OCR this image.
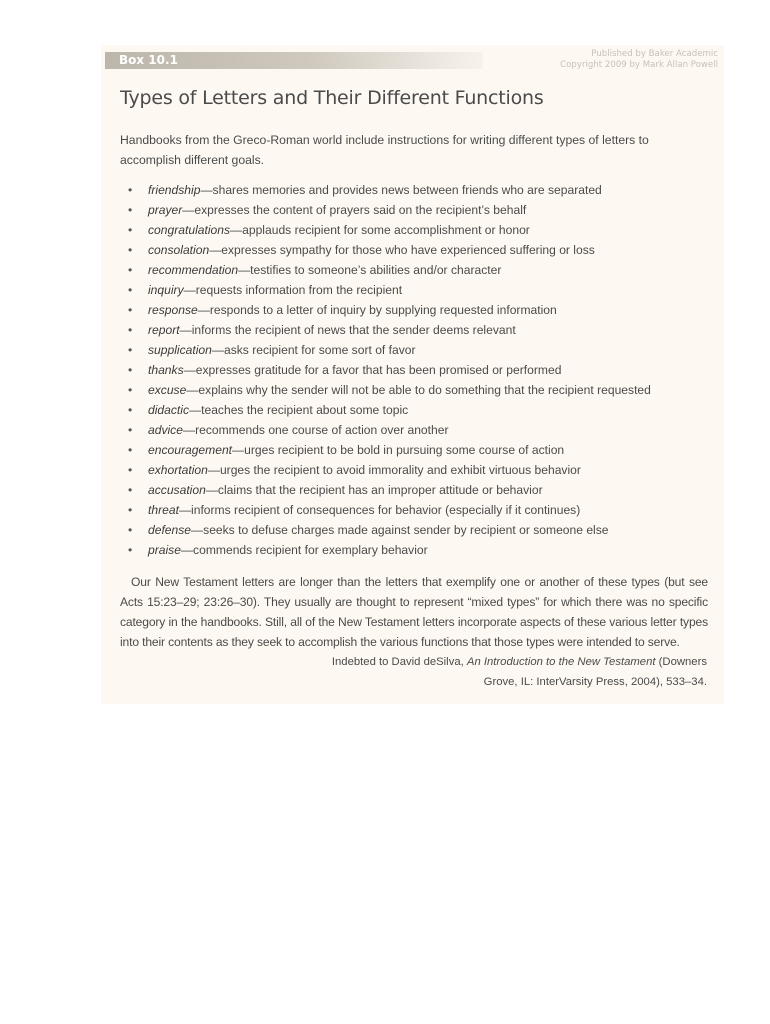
Box 10.1	Published by Baker Academic
Copyright 2009 by Mark Allan Powell
Types of Letters and Their Different Functions

Handbooks from the Greco-Roman world include instructions for writing different types of letters to accomplish different goals.

• friendship—shares memories and provides news between friends who are separated
• prayer—expresses the content of prayers said on the recipient’s behalf
• congratulations—applauds recipient for some accomplishment or honor
• consolation—expresses sympathy for those who have experienced suffering or loss
• recommendation—testifies to someone’s abilities and/or character
• inquiry—requests information from the recipient
• response—responds to a letter of inquiry by supplying requested information
• report—informs the recipient of news that the sender deems relevant
• supplication—asks recipient for some sort of favor
• thanks—expresses gratitude for a favor that has been promised or performed
• excuse—explains why the sender will not be able to do something that the recipient requested
• didactic—teaches the recipient about some topic
• advice—recommends one course of action over another
• encouragement—urges recipient to be bold in pursuing some course of action
• exhortation—urges the recipient to avoid immorality and exhibit virtuous behavior
• accusation—claims that the recipient has an improper attitude or behavior
• threat—informs recipient of consequences for behavior (especially if it continues)
• defense—seeks to defuse charges made against sender by recipient or someone else
• praise—commends recipient for exemplary behavior

Our New Testament letters are longer than the letters that exemplify one or another of these types (but see Acts 15:23–29; 23:26–30). They usually are thought to represent “mixed types” for which there was no specific category in the handbooks. Still, all of the New Testament letters incorporate aspects of these various letter types into their contents as they seek to accomplish the various functions that those types were intended to serve.

Indebted to David deSilva, An Introduction to the New Testament (Downers Grove, IL: InterVarsity Press, 2004), 533–34.
